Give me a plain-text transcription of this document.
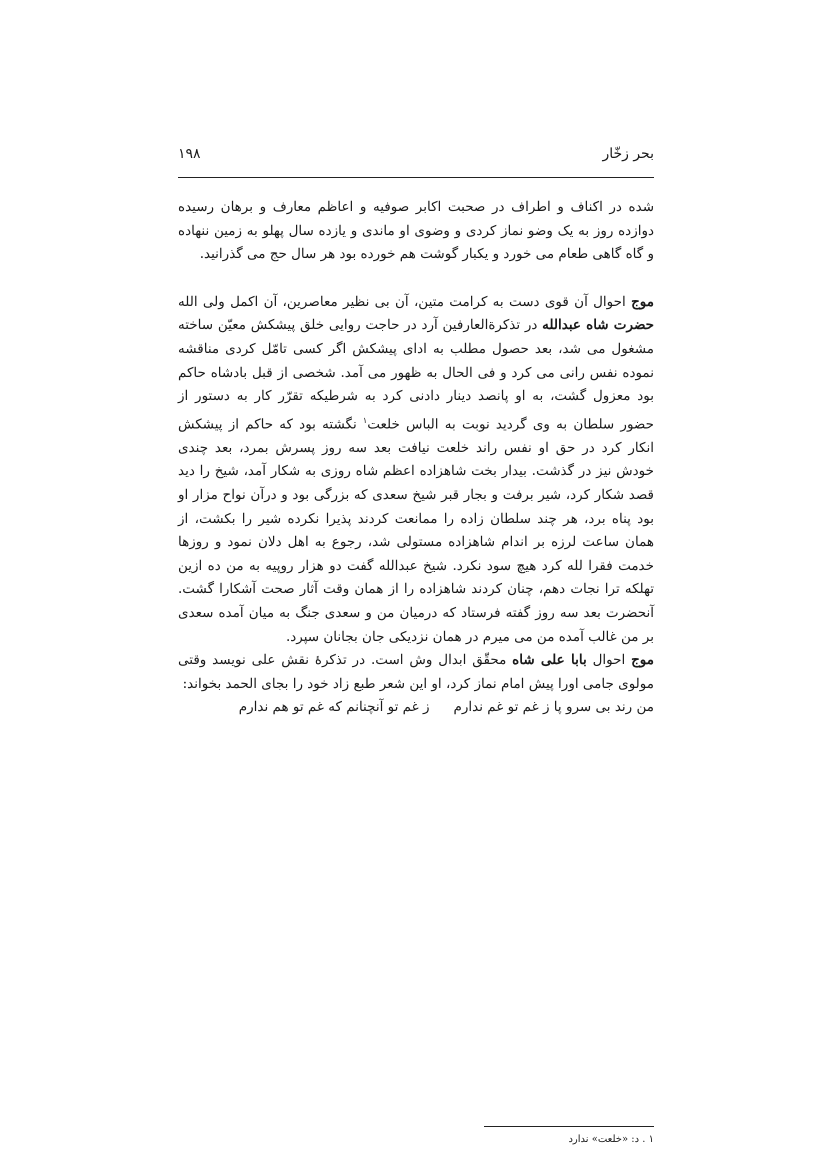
بحر زخّار
۱۹۸

شده در اکناف و اطراف در صحبت اکابر صوفیه و اعاظم معارف و برهان رسیده دوازده روز به یک وضو نماز کردی و وضوی او ماندی و یازده سال پهلو به زمین ننهاده و گاه گاهی طعام می خورد و یکبار گوشت هم خورده بود هر سال حج می گذرانید.

موج احوال آن قوی دست به کرامت متین، آن بی نظیر معاصرین، آن اکمل ولی الله حضرت شاه عبدالله در تذکرةالعارفین آرد در حاجت روایی خلق پیشکش معیّن ساخته مشغول می شد، بعد حصول مطلب به ادای پیشکش اگر کسی تامّل کردی مناقشه نموده نفس رانی می کرد و فی الحال به ظهور می آمد. شخصی از قبل بادشاه حاکم بود معزول گشت، به او پانصد دینار دادنی کرد به شرطیکه تقرّر کار به دستور از حضور سلطان به وی گردید نوبت به الباس خلعت$^۱$ نگشته بود که حاکم از پیشکش انکار کرد در حق او نفس راند خلعت نیافت بعد سه روز پسرش بمرد، بعد چندی خودش نیز در گذشت. بیدار بخت شاهزاده اعظم شاه روزی به شکار آمد، شیخ را دید قصد شکار کرد، شیر برفت و بجار قبر شیخ سعدی که بزرگی بود و درآن نواح مزار او بود پناه برد، هر چند سلطان زاده را ممانعت کردند پذیرا نکرده شیر را بکشت، از همان ساعت لرزه بر اندام شاهزاده مستولی شد، رجوع به اهل دلان نمود و روزها خدمت فقرا لله کرد هیچ سود نکرد. شیخ عبدالله گفت دو هزار روپیه به من ده ازین تهلکه ترا نجات دهم، چنان کردند شاهزاده را از همان وقت آثار صحت آشکارا گشت. آنحضرت بعد سه روز گفته فرستاد که درمیان من و سعدی جنگ به میان آمده سعدی بر من غالب آمده من می میرم در همان نزدیکی جان بجانان سپرد.

موج احوال بابا علی شاه محقّق ابدال وش است. در تذکرهٔ نقش علی نویسد وقتی مولوی جامی اورا پیش امام نماز کرد، او این شعر طبع زاد خود را بجای الحمد بخواند:

من رند بی سرو پا ز غم تو غم ندارمز غم تو آنچنانم که غم تو هم ندارم

۱ . د: «خلعت» ندارد
